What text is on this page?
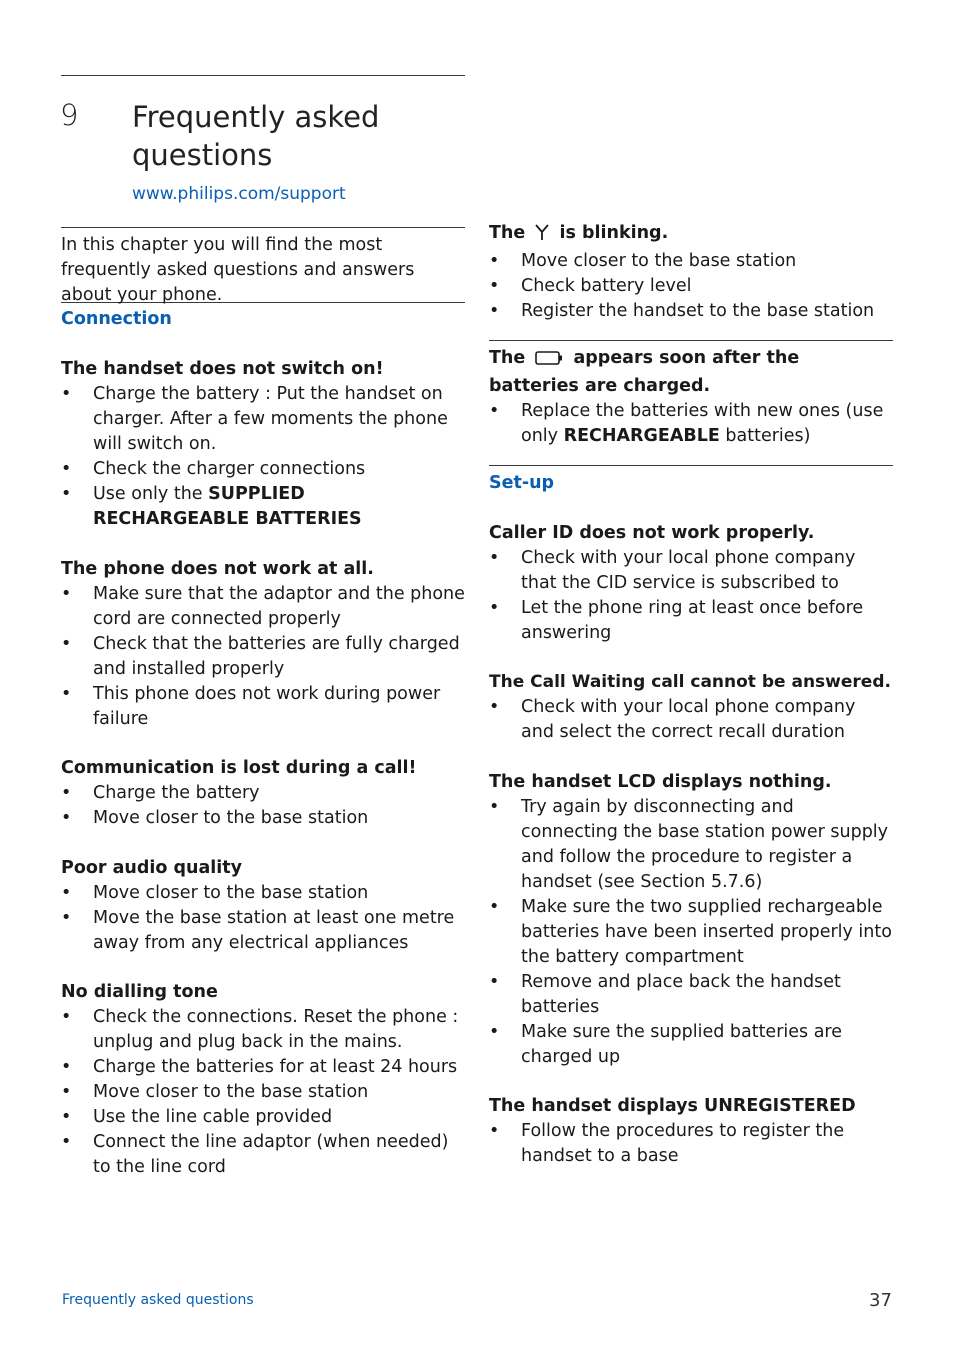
9 Frequently asked questions
www.philips.com/support

In this chapter you will find the most frequently asked questions and answers about your phone.

Connection

The handset does not switch on!

• Charge the battery : Put the handset on charger. After a few moments the phone will switch on.
• Check the charger connections
• Use only the SUPPLIED RECHARGEABLE BATTERIES

The phone does not work at all.

• Make sure that the adaptor and the phone cord are connected properly
• Check that the batteries are fully charged and installed properly
• This phone does not work during power failure

Communication is lost during a call!

• Charge the battery
• Move closer to the base station

Poor audio quality

• Move closer to the base station
• Move the base station at least one metre away from any electrical appliances

No dialling tone

• Check the connections. Reset the phone : unplug and plug back in the mains.
• Charge the batteries for at least 24 hours
• Move closer to the base station
• Use the line cable provided
• Connect the line adaptor (when needed) to the line cord

The is blinking.

• Move closer to the base station
• Check battery level
• Register the handset to the base station

The	appears soon after the batteries are charged.

• Replace the batteries with new ones (use only RECHARGEABLE batteries)
Set-up

Caller ID does not work properly.

• Check with your local phone company that the CID service is subscribed to
• Let the phone ring at least once before answering

The Call Waiting call cannot be answered.

• Check with your local phone company and select the correct recall duration

The handset LCD displays nothing.

• Try again by disconnecting and connecting the base station power supply and follow the procedure to register a handset (see Section 5.7.6)
• Make sure the two supplied rechargeable batteries have been inserted properly into the battery compartment
• Remove and place back the handset batteries
• Make sure the supplied batteries are charged up

The handset displays UNREGISTERED

• Follow the procedures to register the handset to a base
Frequently asked questions	37
